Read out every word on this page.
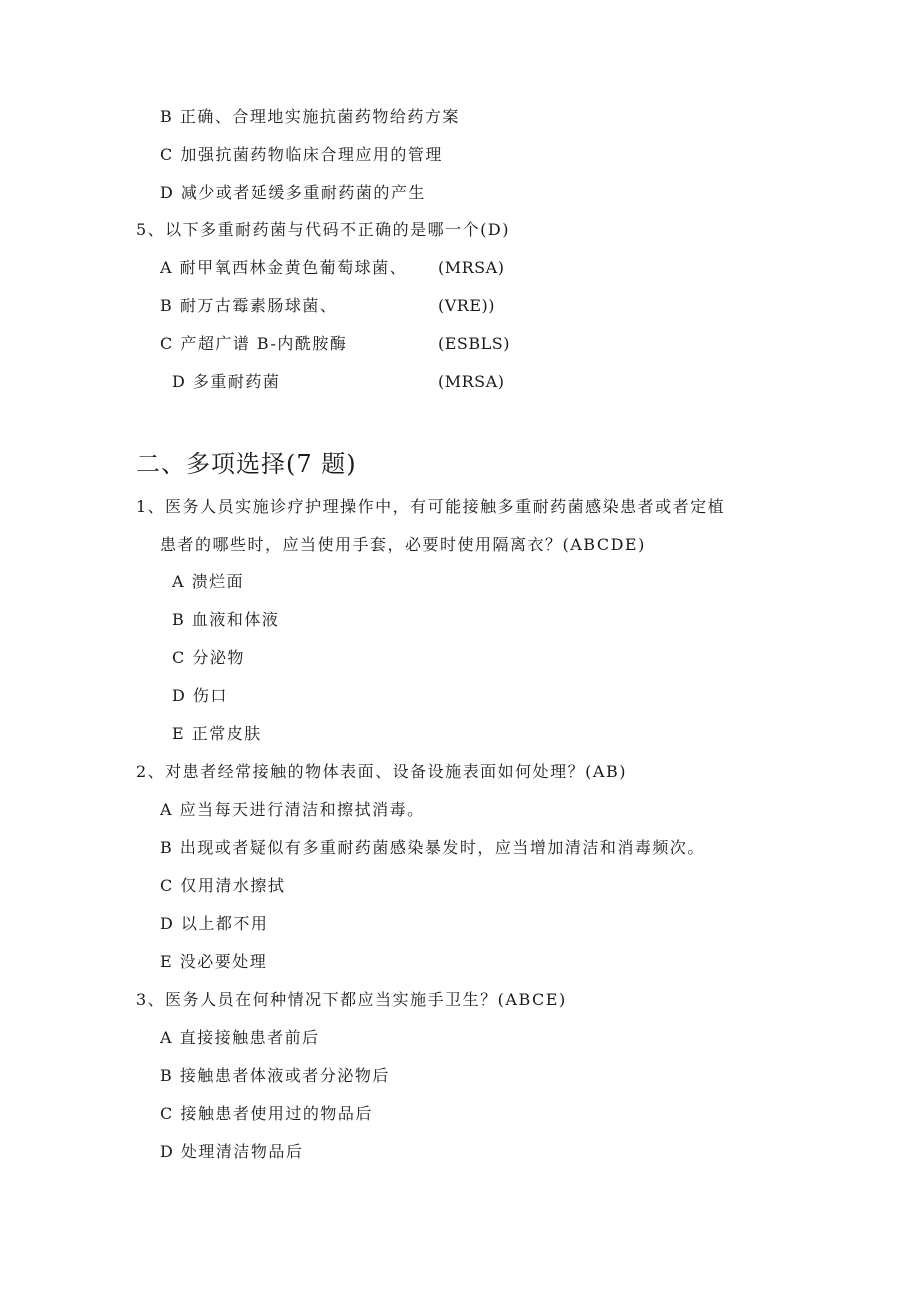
B 正确、合理地实施抗菌药物给药方案
C 加强抗菌药物临床合理应用的管理
D 减少或者延缓多重耐药菌的产生
5、以下多重耐药菌与代码不正确的是哪一个(D)
A 耐甲氧西林金黄色葡萄球菌、 (MRSA)
B 耐万古霉素肠球菌、	(VRE))
C 产超广谱 B-内酰胺酶	(ESBLS)
D 多重耐药菌	(MRSA)
二、多项选择(7 题)
1、医务人员实施诊疗护理操作中，有可能接触多重耐药菌感染患者或者定植
患者的哪些时，应当使用手套，必要时使用隔离衣？(ABCDE)
A 溃烂面
B 血液和体液
C 分泌物
D 伤口
E 正常皮肤
2、对患者经常接触的物体表面、设备设施表面如何处理？(AB)
A 应当每天进行清洁和擦拭消毒。
B 出现或者疑似有多重耐药菌感染暴发时，应当增加清洁和消毒频次。
C 仅用清水擦拭
D 以上都不用
E 没必要处理
3、医务人员在何种情况下都应当实施手卫生？(ABCE)
A 直接接触患者前后
B 接触患者体液或者分泌物后
C 接触患者使用过的物品后
D 处理清洁物品后
